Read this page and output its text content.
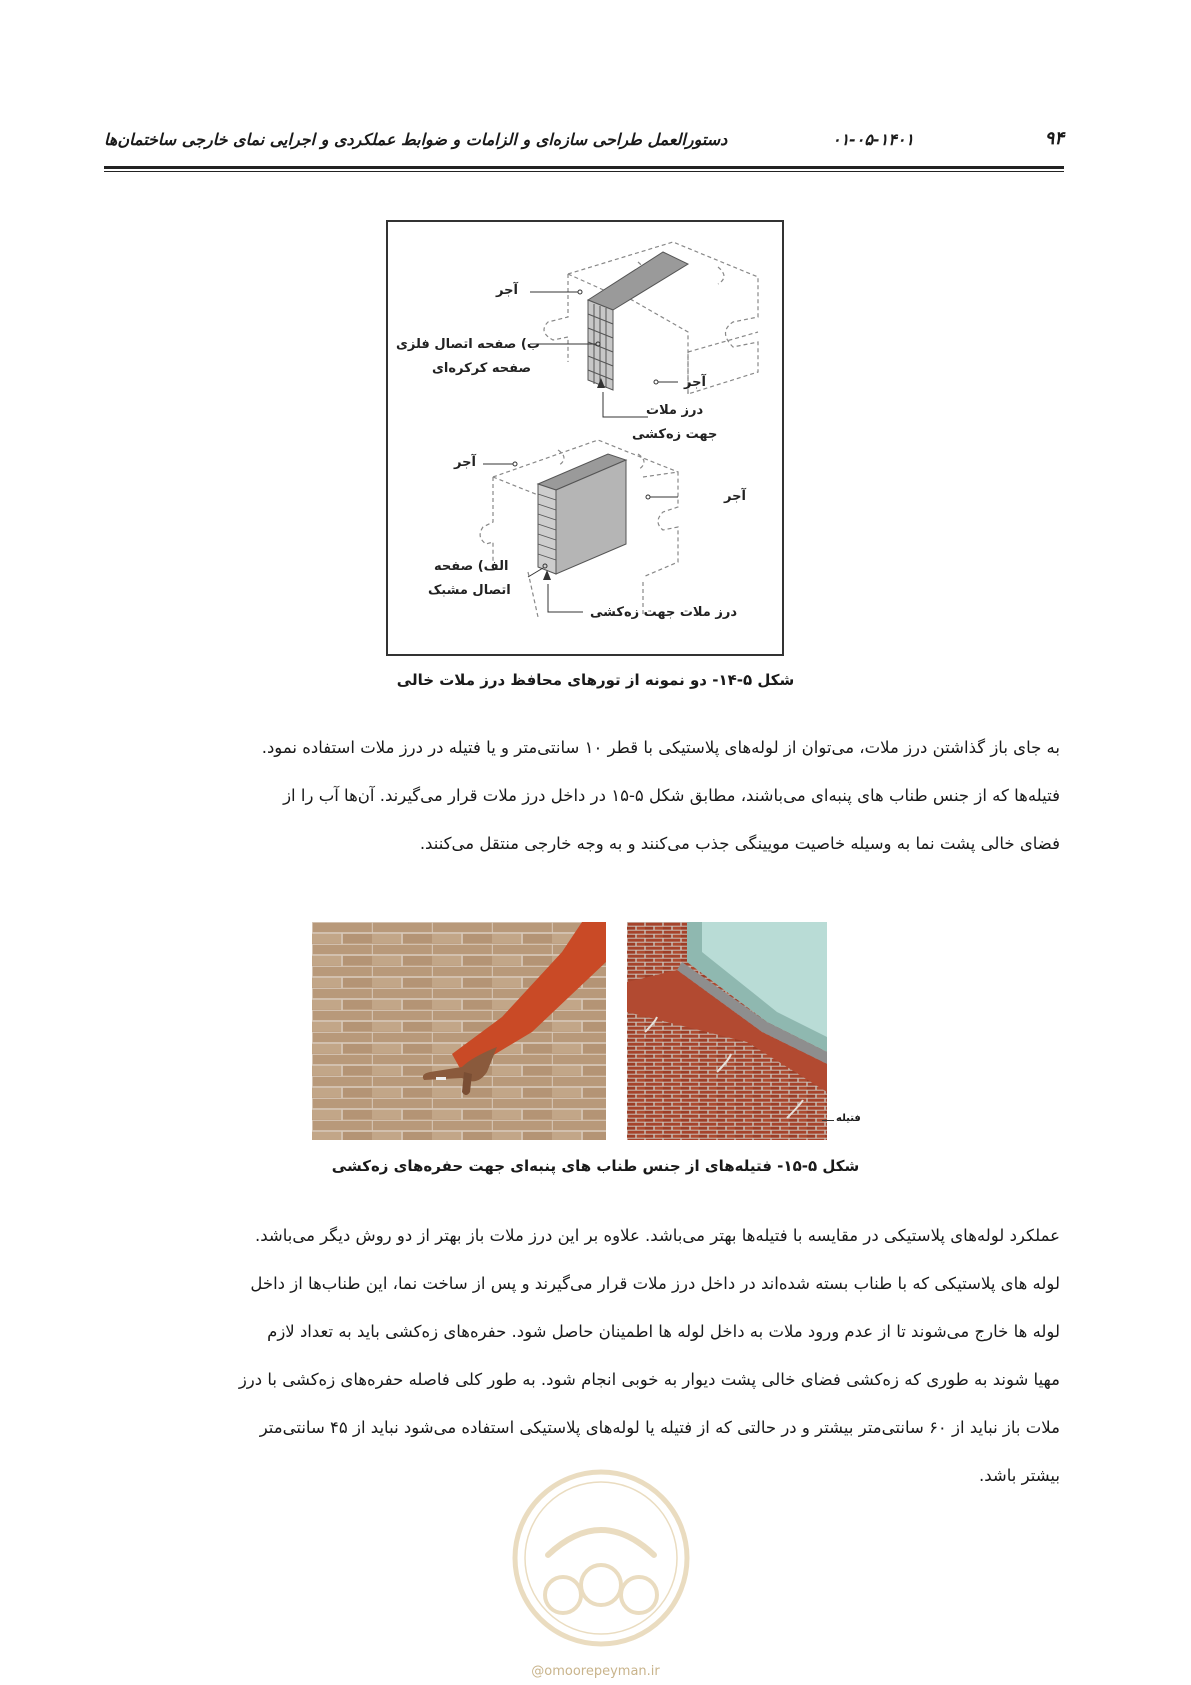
۹۴
۰۱-۰۵-۱۴۰۱
دستورالعمل طراحی سازه‌ای و الزامات و ضوابط عملکردی و اجرایی نمای خارجی ساختمان‌ها
آجر
ب) صفحه اتصال فلزی
صفحه کرکره‌ای
آجر
درز ملات
جهت زه‌کشی
آجر
آجر
الف) صفحه
اتصال مشبک
درز ملات جهت زه‌کشی
شکل ۵-۱۴- دو نمونه از تورهای محافظ درز ملات خالی

به جای باز گذاشتن درز ملات، می‌توان از لوله‌های پلاستیکی با قطر ۱۰ سانتی‌متر و یا فتیله در درز ملات استفاده نمود.

فتیله‌ها که از جنس طناب های پنبه‌ای می‌باشند، مطابق شکل ۵-۱۵ در داخل درز ملات قرار می‌گیرند. آن‌ها آب را از

فضای خالی پشت نما به وسیله خاصیت مویینگی جذب می‌کنند و به وجه خارجی منتقل می‌کنند.

فتیله
شکل ۵-۱۵- فتیله‌های از جنس طناب های پنبه‌ای جهت حفره‌های زه‌کشی

عملکرد لوله‌های پلاستیکی در مقایسه با فتیله‌ها بهتر می‌باشد. علاوه بر این درز ملات باز بهتر از دو روش دیگر می‌باشد.

لوله های پلاستیکی که با طناب بسته شده‌اند در داخل درز ملات قرار می‌گیرند و پس از ساخت نما، این طناب‌ها از داخل

لوله ها خارج می‌شوند تا از عدم ورود ملات به داخل لوله ها اطمینان حاصل شود. حفره‌های زه‌کشی باید به تعداد لازم

مهیا شوند به طوری که زه‌کشی فضای خالی پشت دیوار به خوبی انجام شود. به طور کلی فاصله حفره‌های زه‌کشی با درز

ملات باز نباید از ۶۰ سانتی‌متر بیشتر و در حالتی که از فتیله یا لوله‌های پلاستیکی استفاده می‌شود نباید از ۴۵ سانتی‌متر

بیشتر باشد.

@omoorepeyman.ir
